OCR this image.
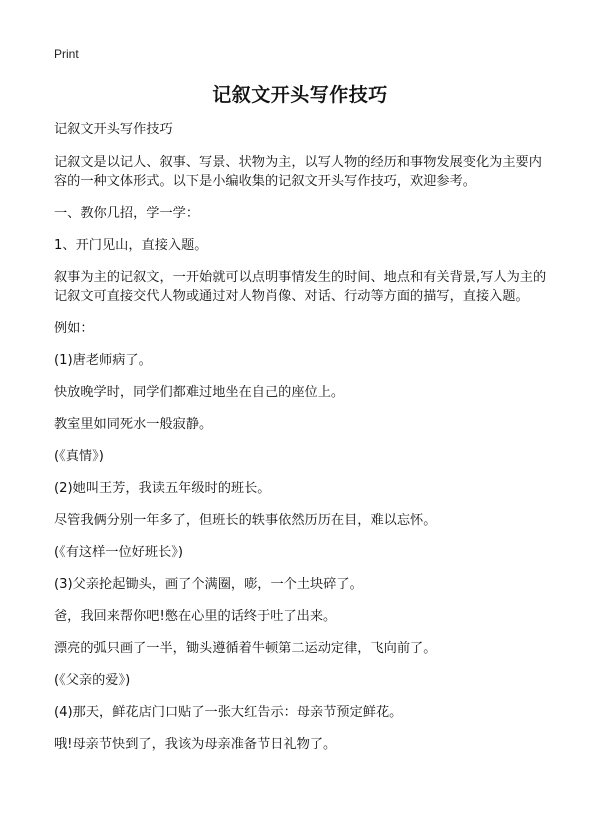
Print
记叙文开头写作技巧

记叙文开头写作技巧

记叙文是以记人、叙事、写景、状物为主，以写人物的经历和事物发展变化为主要内容的一种文体形式。以下是小编收集的记叙文开头写作技巧，欢迎参考。

一、教你几招，学一学：

1、开门见山，直接入题。

叙事为主的记叙文，一开始就可以点明事情发生的时间、地点和有关背景,写人为主的记叙文可直接交代人物或通过对人物肖像、对话、行动等方面的描写，直接入题。

例如：

(1)唐老师病了。

快放晚学时，同学们都难过地坐在自己的座位上。

教室里如同死水一般寂静。

(《真情》)

(2)她叫王芳，我读五年级时的班长。

尽管我俩分别一年多了，但班长的轶事依然历历在目，难以忘怀。

(《有这样一位好班长》)

(3)父亲抡起锄头，画了个满圈，嘭，一个土块碎了。

爸，我回来帮你吧!憋在心里的话终于吐了出来。

漂亮的弧只画了一半，锄头遵循着牛顿第二运动定律，飞向前了。

(《父亲的爱》)

(4)那天，鲜花店门口贴了一张大红告示：母亲节预定鲜花。

哦!母亲节快到了，我该为母亲准备节日礼物了。
